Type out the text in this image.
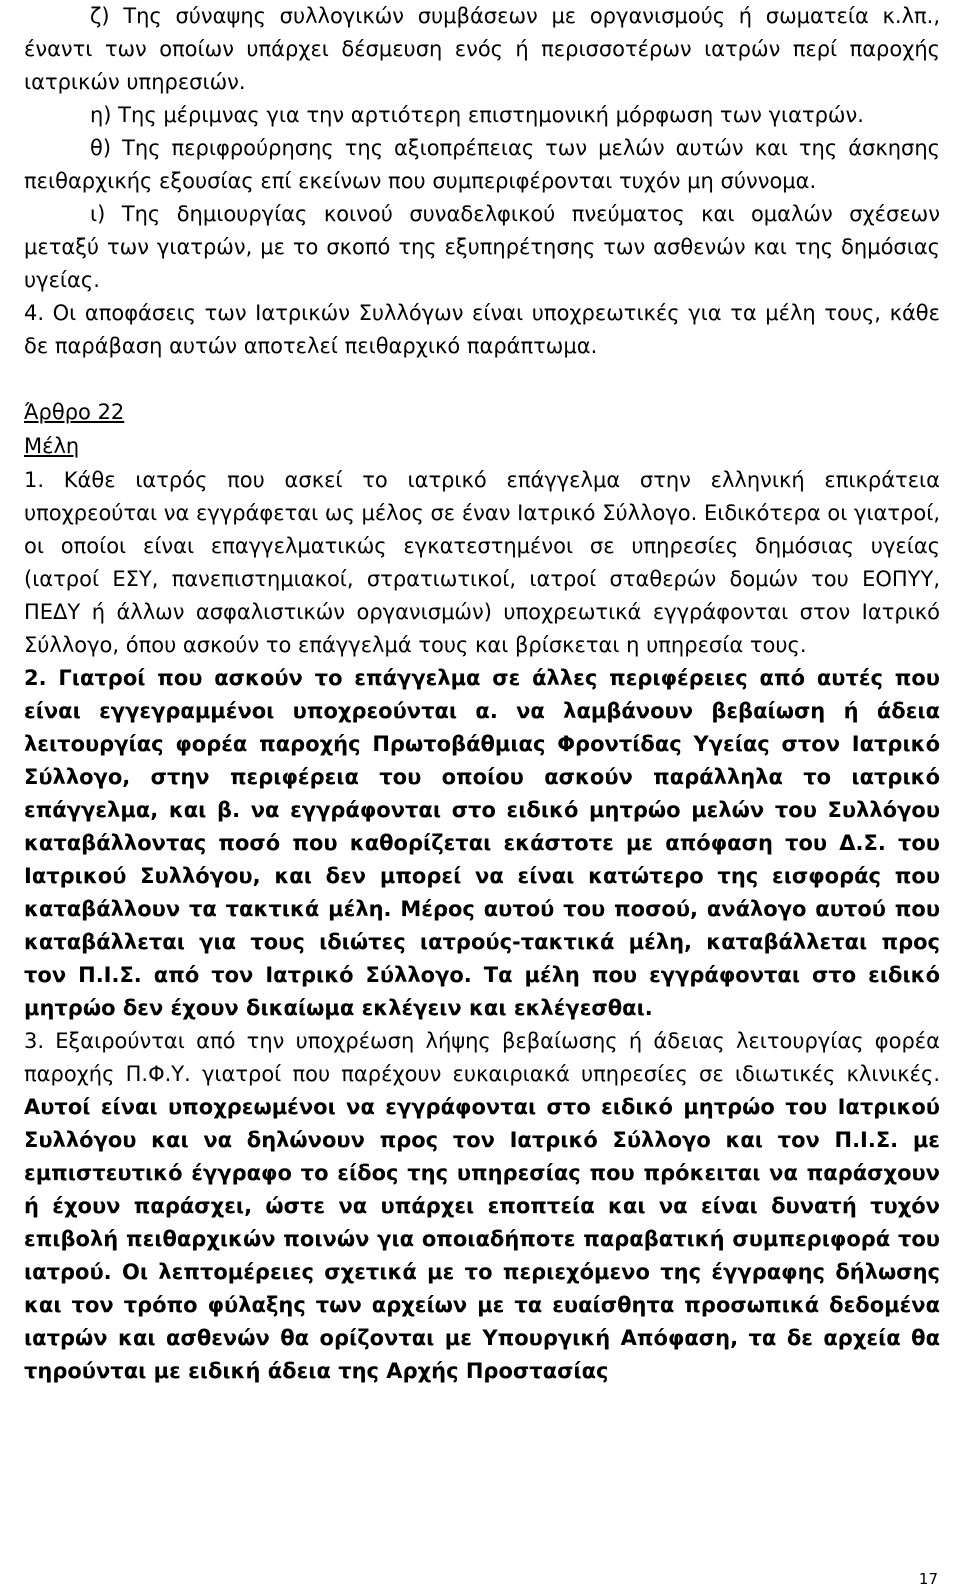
ζ) Της σύναψης συλλογικών συμβάσεων με οργανισμούς ή σωματεία κ.λπ., έναντι των οποίων υπάρχει δέσμευση ενός ή περισσοτέρων ιατρών περί παροχής ιατρικών υπηρεσιών.

η) Της μέριμνας για την αρτιότερη επιστημονική μόρφωση των γιατρών.

θ) Της περιφρούρησης της αξιοπρέπειας των μελών αυτών και της άσκησης πειθαρχικής εξουσίας επί εκείνων που συμπεριφέρονται τυχόν μη σύννομα.

ι) Της δημιουργίας κοινού συναδελφικού πνεύματος και ομαλών σχέσεων μεταξύ των γιατρών, με το σκοπό της εξυπηρέτησης των ασθενών και της δημόσιας υγείας.

4. Οι αποφάσεις των Ιατρικών Συλλόγων είναι υποχρεωτικές για τα μέλη τους, κάθε δε παράβαση αυτών αποτελεί πειθαρχικό παράπτωμα.

Άρθρο 22
Μέλη

1. Κάθε ιατρός που ασκεί το ιατρικό επάγγελμα στην ελληνική επικράτεια υποχρεούται να εγγράφεται ως μέλος σε έναν Ιατρικό Σύλλογο. Ειδικότερα οι γιατροί, οι οποίοι είναι επαγγελματικώς εγκατεστημένοι σε υπηρεσίες δημόσιας υγείας (ιατροί ΕΣΥ, πανεπιστημιακοί, στρατιωτικοί, ιατροί σταθερών δομών του ΕΟΠΥΥ, ΠΕΔΥ ή άλλων ασφαλιστικών οργανισμών) υποχρεωτικά εγγράφονται στον Ιατρικό Σύλλογο, όπου ασκούν το επάγγελμά τους και βρίσκεται η υπηρεσία τους.

2. Γιατροί που ασκούν το επάγγελμα σε άλλες περιφέρειες από αυτές που είναι εγγεγραμμένοι υποχρεούνται α. να λαμβάνουν βεβαίωση ή άδεια λειτουργίας φορέα παροχής Πρωτοβάθμιας Φροντίδας Υγείας στον Ιατρικό Σύλλογο, στην περιφέρεια του οποίου ασκούν παράλληλα το ιατρικό επάγγελμα, και β. να εγγράφονται στο ειδικό μητρώο μελών του Συλλόγου καταβάλλοντας ποσό που καθορίζεται εκάστοτε με απόφαση του Δ.Σ. του Ιατρικού Συλλόγου, και δεν μπορεί να είναι κατώτερο της εισφοράς που καταβάλλουν τα τακτικά μέλη. Μέρος αυτού του ποσού, ανάλογο αυτού που καταβάλλεται για τους ιδιώτες ιατρούς-τακτικά μέλη, καταβάλλεται προς τον Π.Ι.Σ. από τον Ιατρικό Σύλλογο. Τα μέλη που εγγράφονται στο ειδικό μητρώο δεν έχουν δικαίωμα εκλέγειν και εκλέγεσθαι.

3. Εξαιρούνται από την υποχρέωση λήψης βεβαίωσης ή άδειας λειτουργίας φορέα παροχής Π.Φ.Υ. γιατροί που παρέχουν ευκαιριακά υπηρεσίες σε ιδιωτικές κλινικές. Αυτοί είναι υποχρεωμένοι να εγγράφονται στο ειδικό μητρώο του Ιατρικού Συλλόγου και να δηλώνουν προς τον Ιατρικό Σύλλογο και τον Π.Ι.Σ. με εμπιστευτικό έγγραφο το είδος της υπηρεσίας που πρόκειται να παράσχουν ή έχουν παράσχει, ώστε να υπάρχει εποπτεία και να είναι δυνατή τυχόν επιβολή πειθαρχικών ποινών για οποιαδήποτε παραβατική συμπεριφορά του ιατρού. Οι λεπτομέρειες σχετικά με το περιεχόμενο της έγγραφης δήλωσης και τον τρόπο φύλαξης των αρχείων με τα ευαίσθητα προσωπικά δεδομένα ιατρών και ασθενών θα ορίζονται με Υπουργική Απόφαση, τα δε αρχεία θα τηρούνται με ειδική άδεια της Αρχής Προστασίας

17
